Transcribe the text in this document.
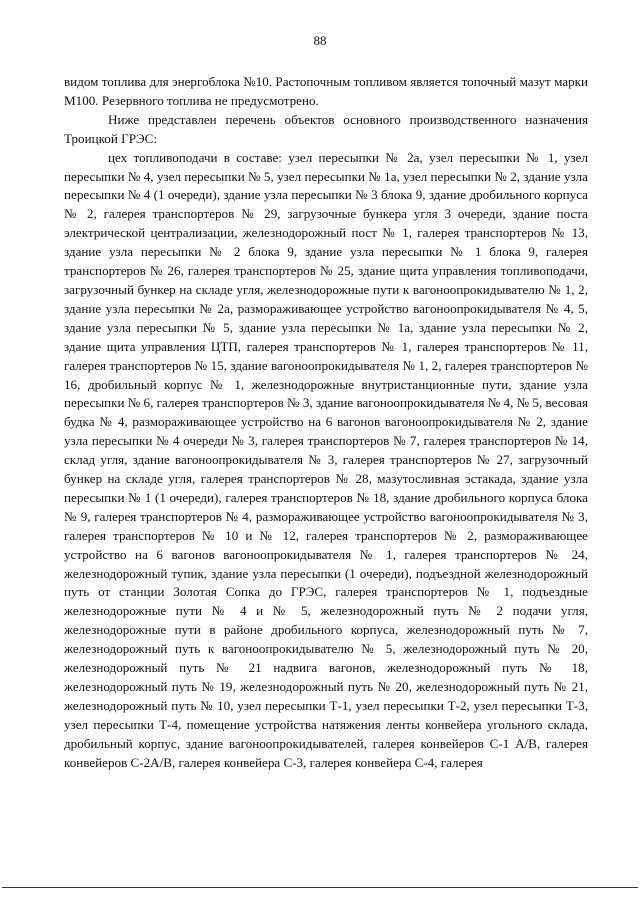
88

видом топлива для энергоблока №10. Растопочным топливом является топочный мазут марки М100. Резервного топлива не предусмотрено.

Ниже представлен перечень объектов основного производственного назначения Троицкой ГРЭС:

цех топливоподачи в составе: узел пересыпки № 2а, узел пересыпки № 1, узел пересыпки № 4, узел пересыпки № 5, узел пересыпки № 1а, узел пересыпки № 2, здание узла пересыпки № 4 (1 очереди), здание узла пересыпки № 3 блока 9, здание дробильного корпуса № 2, галерея транспортеров № 29, загрузочные бункера угля 3 очереди, здание поста электрической централизации, железнодорожный пост № 1, галерея транспортеров № 13, здание узла пересыпки № 2 блока 9, здание узла пересыпки № 1 блока 9, галерея транспортеров № 26, галерея транспортеров № 25, здание щита управления топливоподачи, загрузочный бункер на складе угля, железнодорожные пути к вагоноопрокидывателю № 1, 2, здание узла пересыпки № 2а, размораживающее устройство вагоноопрокидывателя № 4, 5, здание узла пересыпки № 5, здание узла пересыпки № 1а, здание узла пересыпки № 2, здание щита управления ЦТП, галерея транспортеров № 1, галерея транспортеров № 11, галерея транспортеров № 15, здание вагоноопрокидывателя № 1, 2, галерея транспортеров № 16, дробильный корпус № 1, железнодорожные внутристанционные пути, здание узла пересыпки № 6, галерея транспортеров № 3, здание вагоноопрокидывателя № 4, № 5, весовая будка № 4, размораживающее устройство на 6 вагонов вагоноопрокидывателя № 2, здание узла пересыпки № 4 очереди № 3, галерея транспортеров № 7, галерея транспортеров № 14, склад угля, здание вагоноопрокидывателя № 3, галерея транспортеров № 27, загрузочный бункер на складе угля, галерея транспортеров № 28, мазутосливная эстакада, здание узла пересыпки № 1 (1 очереди), галерея транспортеров № 18, здание дробильного корпуса блока № 9, галерея транспортеров № 4, размораживающее устройство вагоноопрокидывателя № 3, галерея транспортеров № 10 и № 12, галерея транспортеров № 2, размораживающее устройство на 6 вагонов вагоноопрокидывателя № 1, галерея транспортеров № 24, железнодорожный тупик, здание узла пересыпки (1 очереди), подъездной железнодорожный путь от станции Золотая Сопка до ГРЭС, галерея транспортеров № 1, подъездные железнодорожные пути № 4 и № 5, железнодорожный путь № 2 подачи угля, железнодорожные пути в районе дробильного корпуса, железнодорожный путь № 7, железнодорожный путь к вагоноопрокидывателю № 5, железнодорожный путь № 20, железнодорожный путь № 21 надвига вагонов, железнодорожный путь № 18, железнодорожный путь № 19, железнодорожный путь № 20, железнодорожный путь № 21, железнодорожный путь № 10, узел пересыпки Т-1, узел пересыпки Т-2, узел пересыпки Т-3, узел пересыпки Т-4, помещение устройства натяжения ленты конвейера угольного склада, дробильный корпус, здание вагоноопрокидывателей, галерея конвейеров С-1 А/В, галерея конвейеров С-2А/В, галерея конвейера С-3, галерея конвейера С-4, галерея
